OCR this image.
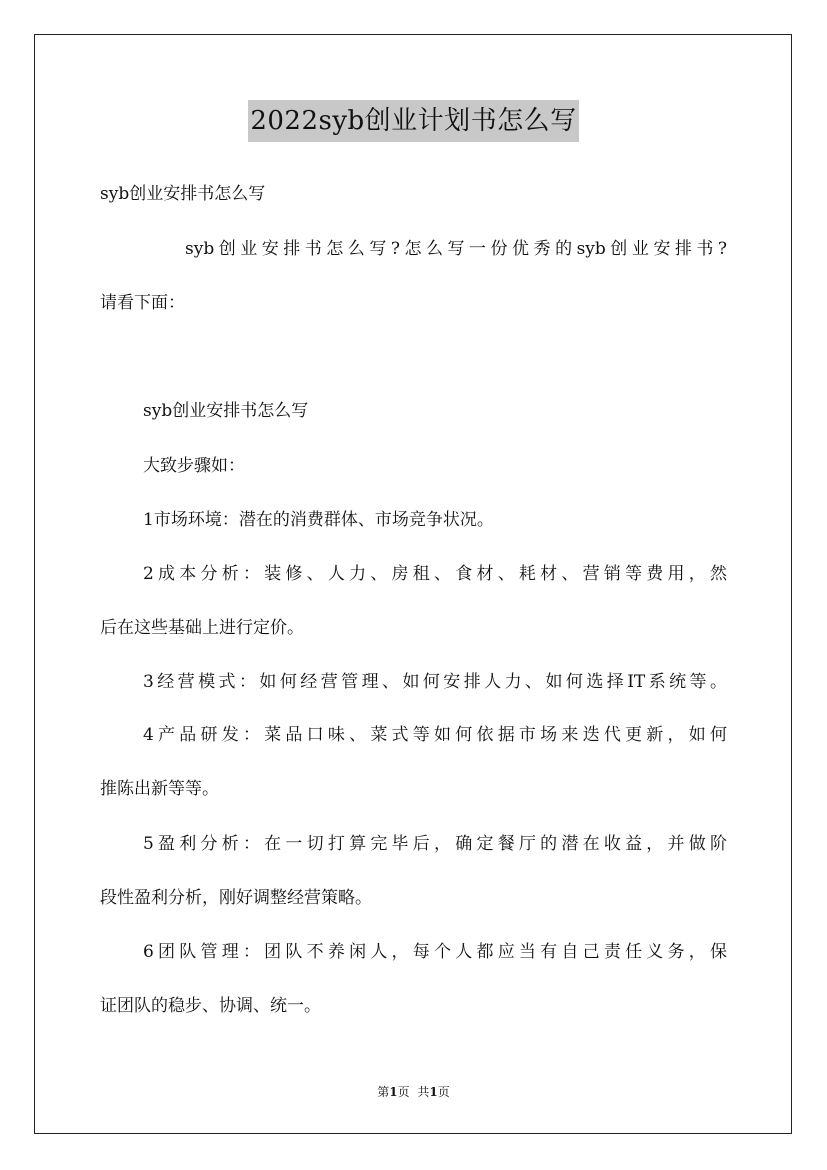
2022syb创业计划书怎么写
syb创业安排书怎么写
syb创业安排书怎么写?怎么写一份优秀的syb创业安排书?
请看下面：
syb创业安排书怎么写
大致步骤如：
1市场环境：潜在的消费群体、市场竞争状况。
2成本分析：装修、人力、房租、食材、耗材、营销等费用，然
后在这些基础上进行定价。
3经营模式：如何经营管理、如何安排人力、如何选择IT系统等。
4产品研发：菜品口味、菜式等如何依据市场来迭代更新，如何
推陈出新等等。
5盈利分析：在一切打算完毕后，确定餐厅的潜在收益，并做阶
段性盈利分析，刚好调整经营策略。
6团队管理：团队不养闲人，每个人都应当有自己责任义务，保
证团队的稳步、协调、统一。
第1页 共1页
